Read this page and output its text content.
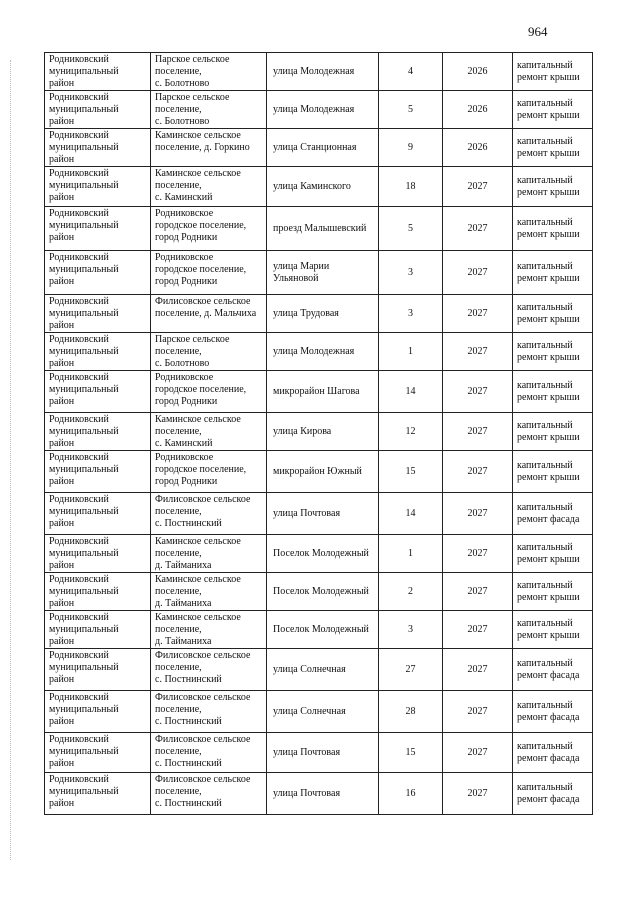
964
Родниковский
муниципальный
район	Парское сельское
поселение,
с. Болотново	улица Молодежная	4	2026	капитальный
ремонт крыши

Родниковский
муниципальный
район	Парское сельское
поселение,
с. Болотново	улица Молодежная	5	2026	капитальный
ремонт крыши

Родниковский
муниципальный
район	Каминское сельское
поселение, д. Горкино	улица Станционная	9	2026	капитальный
ремонт крыши

Родниковский
муниципальный
район	Каминское сельское
поселение,
с. Каминский	улица Каминского	18	2027	капитальный
ремонт крыши

Родниковский
муниципальный
район	Родниковское
городское поселение,
город Родники	проезд Малышевский	5	2027	капитальный
ремонт крыши

Родниковский
муниципальный
район	Родниковское
городское поселение,
город Родники	улица Марии
Ульяновой	3	2027	капитальный
ремонт крыши

Родниковский
муниципальный
район	Филисовское сельское
поселение, д. Мальчиха	улица Трудовая	3	2027	капитальный
ремонт крыши

Родниковский
муниципальный
район	Парское сельское
поселение,
с. Болотново	улица Молодежная	1	2027	капитальный
ремонт крыши

Родниковский
муниципальный
район	Родниковское
городское поселение,
город Родники	микрорайон Шагова	14	2027	капитальный
ремонт крыши

Родниковский
муниципальный
район	Каминское сельское
поселение,
с. Каминский	улица Кирова	12	2027	капитальный
ремонт крыши

Родниковский
муниципальный
район	Родниковское
городское поселение,
город Родники	микрорайон Южный	15	2027	капитальный
ремонт крыши

Родниковский
муниципальный
район	Филисовское сельское
поселение,
с. Постнинский	улица Почтовая	14	2027	капитальный
ремонт фасада

Родниковский
муниципальный
район	Каминское сельское
поселение,
д. Тайманиха	Поселок Молодежный	1	2027	капитальный
ремонт крыши

Родниковский
муниципальный
район	Каминское сельское
поселение,
д. Тайманиха	Поселок Молодежный	2	2027	капитальный
ремонт крыши

Родниковский
муниципальный
район	Каминское сельское
поселение,
д. Тайманиха	Поселок Молодежный	3	2027	капитальный
ремонт крыши

Родниковский
муниципальный
район	Филисовское сельское
поселение,
с. Постнинский	улица Солнечная	27	2027	капитальный
ремонт фасада

Родниковский
муниципальный
район	Филисовское сельское
поселение,
с. Постнинский	улица Солнечная	28	2027	капитальный
ремонт фасада

Родниковский
муниципальный
район	Филисовское сельское
поселение,
с. Постнинский	улица Почтовая	15	2027	капитальный
ремонт фасада

Родниковский
муниципальный
район	Филисовское сельское
поселение,
с. Постнинский	улица Почтовая	16	2027	капитальный
ремонт фасада
